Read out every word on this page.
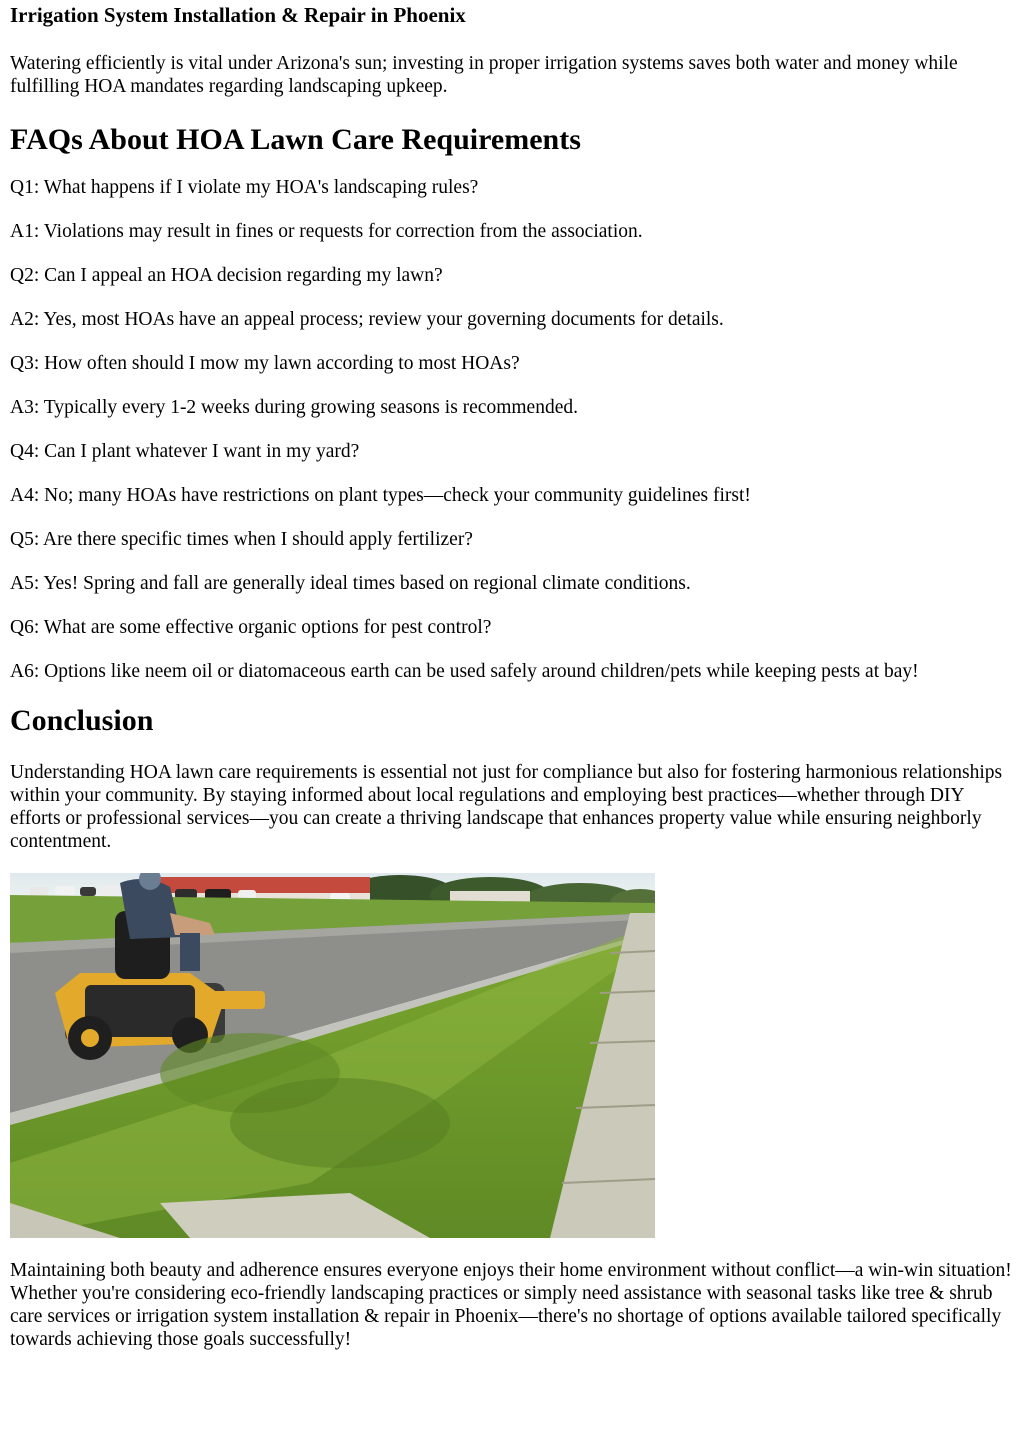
Irrigation System Installation & Repair in Phoenix

Watering efficiently is vital under Arizona's sun; investing in proper irrigation systems saves both water and money while fulfilling HOA mandates regarding landscaping upkeep.

FAQs About HOA Lawn Care Requirements

Q1: What happens if I violate my HOA's landscaping rules?

A1: Violations may result in fines or requests for correction from the association.

Q2: Can I appeal an HOA decision regarding my lawn?

A2: Yes, most HOAs have an appeal process; review your governing documents for details.

Q3: How often should I mow my lawn according to most HOAs?

A3: Typically every 1-2 weeks during growing seasons is recommended.

Q4: Can I plant whatever I want in my yard?

A4: No; many HOAs have restrictions on plant types—check your community guidelines first!

Q5: Are there specific times when I should apply fertilizer?

A5: Yes! Spring and fall are generally ideal times based on regional climate conditions.

Q6: What are some effective organic options for pest control?

A6: Options like neem oil or diatomaceous earth can be used safely around children/pets while keeping pests at bay!

Conclusion

Understanding HOA lawn care requirements is essential not just for compliance but also for fostering harmonious relationships within your community. By staying informed about local regulations and employing best practices—whether through DIY efforts or professional services—you can create a thriving landscape that enhances property value while ensuring neighborly contentment.

Maintaining both beauty and adherence ensures everyone enjoys their home environment without conflict—a win-win situation! Whether you're considering eco-friendly landscaping practices or simply need assistance with seasonal tasks like tree & shrub care services or irrigation system installation & repair in Phoenix—there's no shortage of options available tailored specifically towards achieving those goals successfully!
